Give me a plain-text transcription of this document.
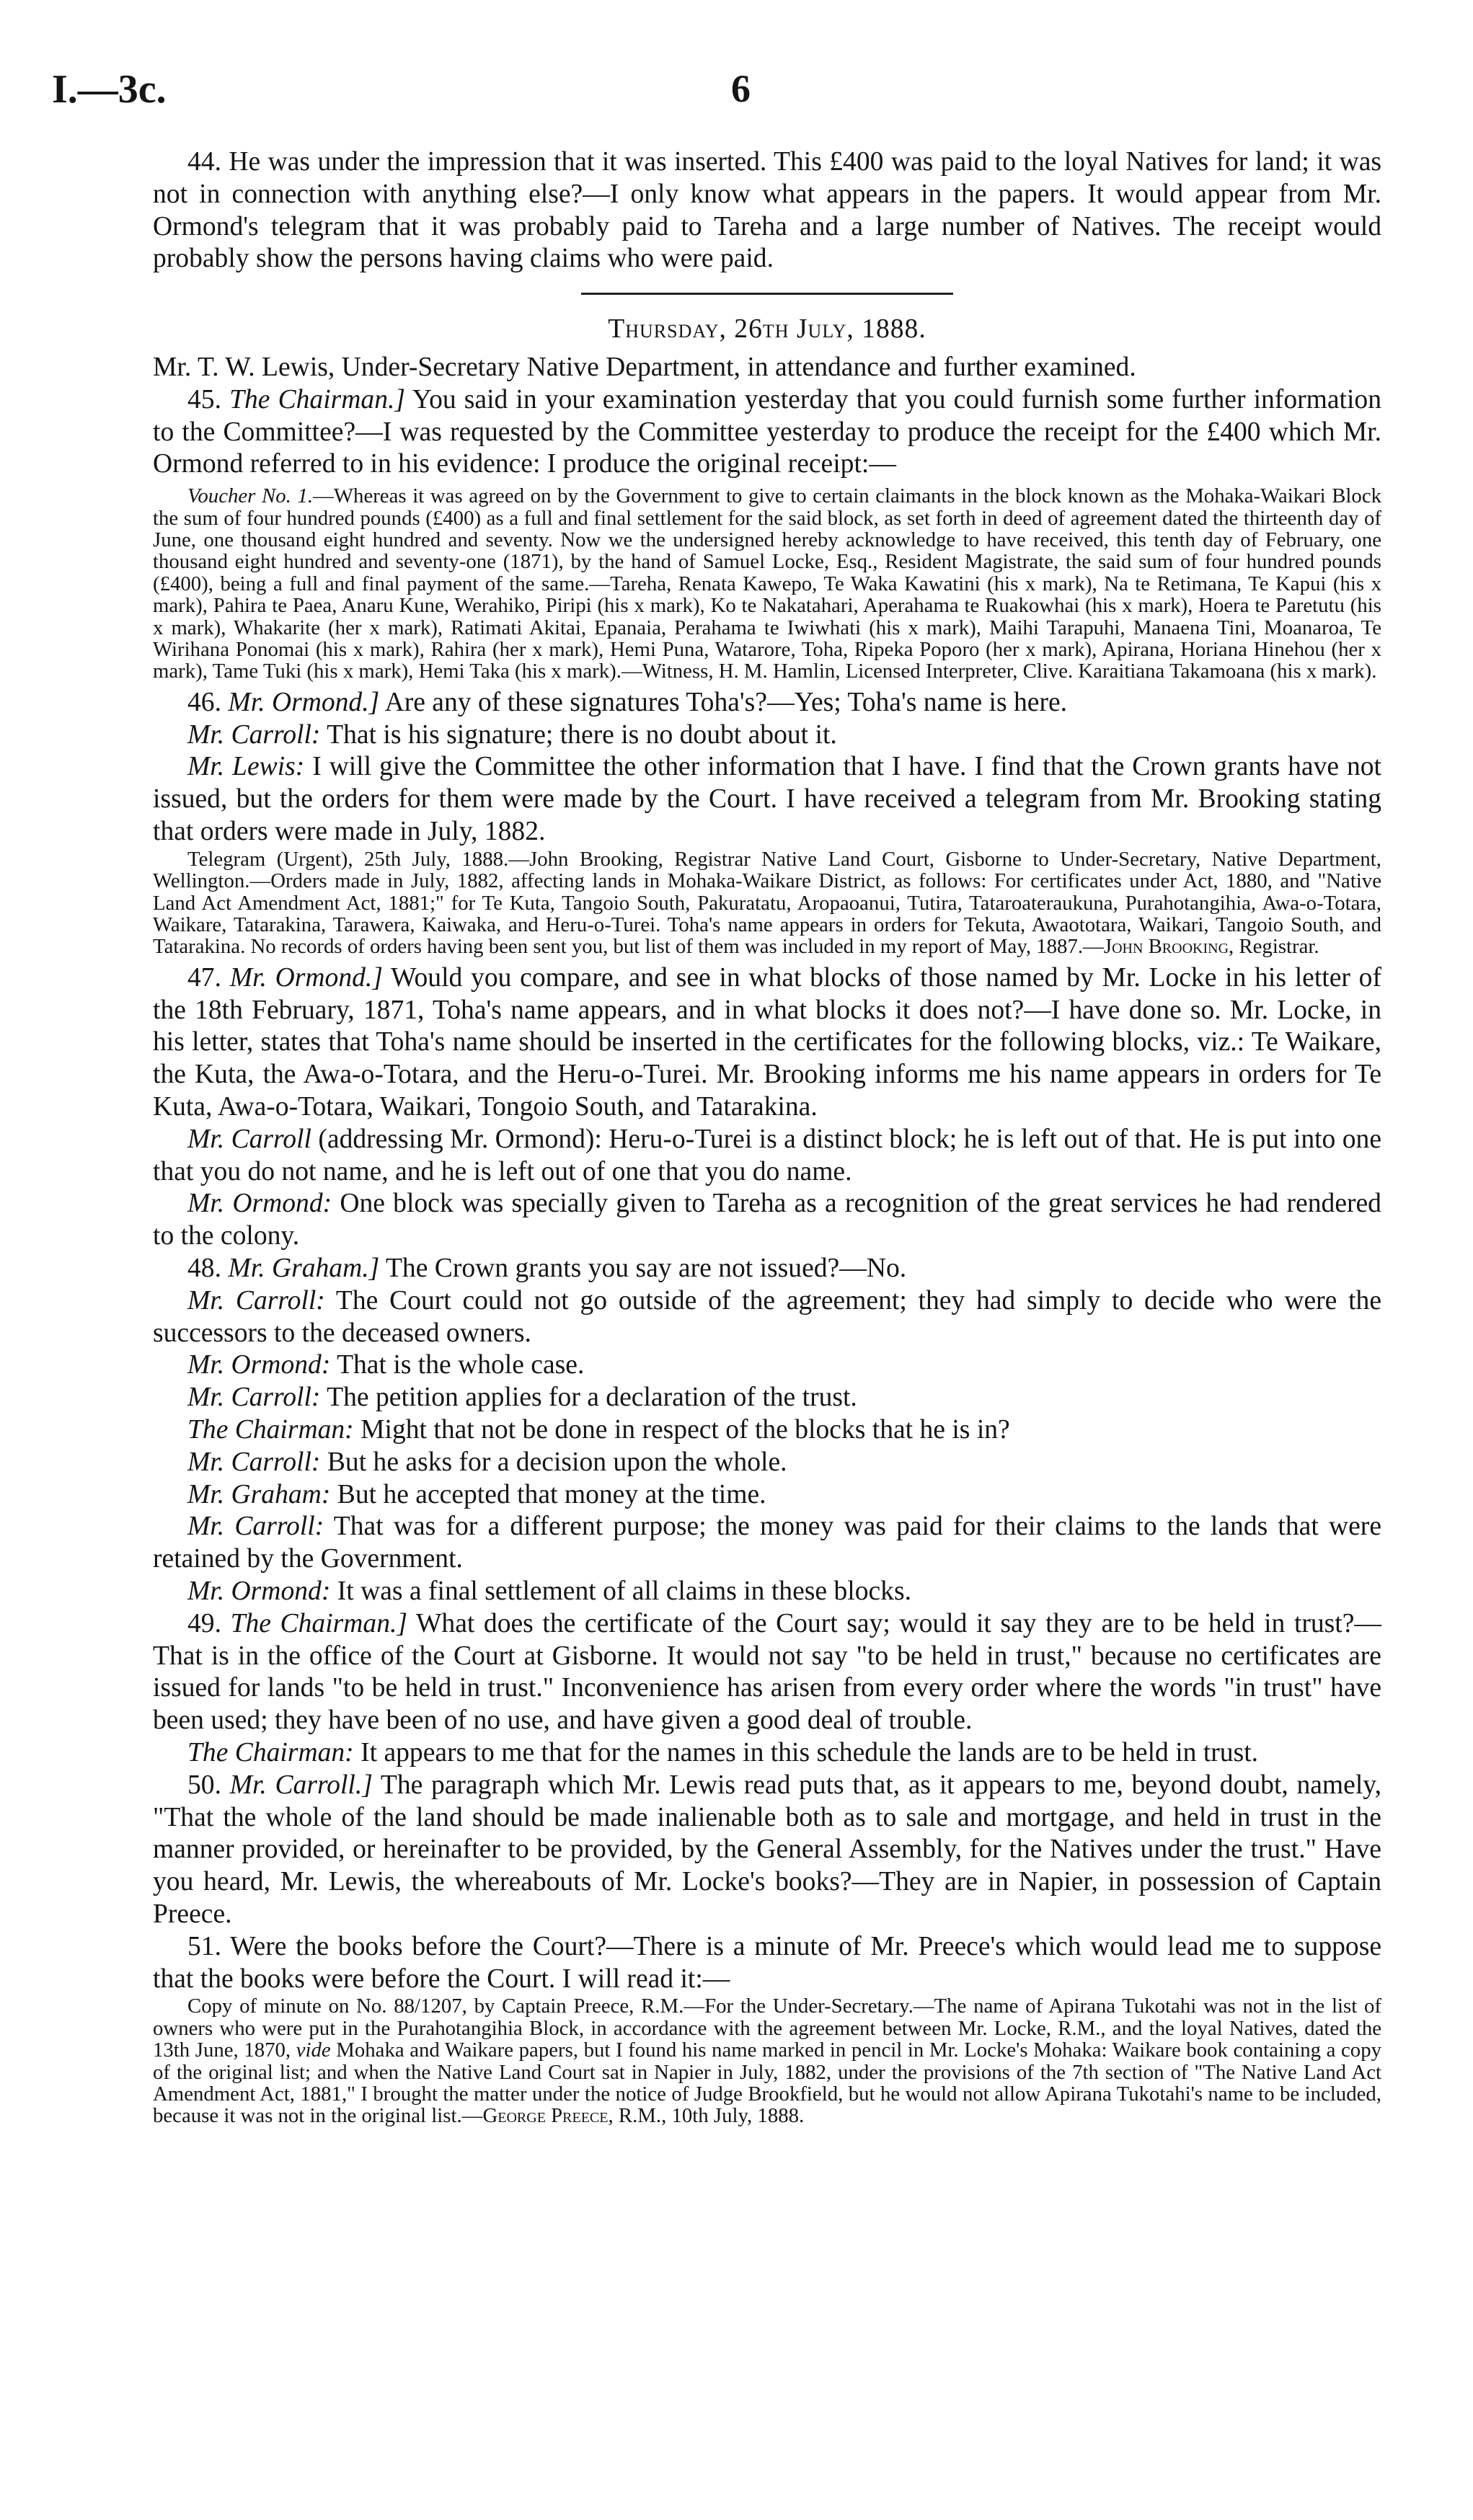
I.—3c.	6

44. He was under the impression that it was inserted. This £400 was paid to the loyal Natives for land; it was not in connection with anything else?—I only know what appears in the papers. It would appear from Mr. Ormond's telegram that it was probably paid to Tareha and a large number of Natives. The receipt would probably show the persons having claims who were paid.

Thursday, 26th July, 1888.

Mr. T. W. Lewis, Under-Secretary Native Department, in attendance and further examined.

45. The Chairman.] You said in your examination yesterday that you could furnish some further information to the Committee?—I was requested by the Committee yesterday to produce the receipt for the £400 which Mr. Ormond referred to in his evidence: I produce the original receipt:—

Voucher No. 1.—Whereas it was agreed on by the Government to give to certain claimants in the block known as the Mohaka-Waikari Block the sum of four hundred pounds (£400) as a full and final settlement for the said block, as set forth in deed of agreement dated the thirteenth day of June, one thousand eight hundred and seventy. Now we the undersigned hereby acknowledge to have received, this tenth day of February, one thousand eight hundred and seventy-one (1871), by the hand of Samuel Locke, Esq., Resident Magistrate, the said sum of four hundred pounds (£400), being a full and final payment of the same.—Tareha, Renata Kawepo, Te Waka Kawatini (his x mark), Na te Retimana, Te Kapui (his x mark), Pahira te Paea, Anaru Kune, Werahiko, Piripi (his x mark), Ko te Nakatahari, Aperahama te Ruakowhai (his x mark), Hoera te Paretutu (his x mark), Whakarite (her x mark), Ratimati Akitai, Epanaia, Perahama te Iwiwhati (his x mark), Maihi Tarapuhi, Manaena Tini, Moanaroa, Te Wirihana Ponomai (his x mark), Rahira (her x mark), Hemi Puna, Watarore, Toha, Ripeka Poporo (her x mark), Apirana, Horiana Hinehou (her x mark), Tame Tuki (his x mark), Hemi Taka (his x mark).—Witness, H. M. Hamlin, Licensed Interpreter, Clive. Karaitiana Takamoana (his x mark).

46. Mr. Ormond.] Are any of these signatures Toha's?—Yes; Toha's name is here.

Mr. Carroll: That is his signature; there is no doubt about it.

Mr. Lewis: I will give the Committee the other information that I have. I find that the Crown grants have not issued, but the orders for them were made by the Court. I have received a telegram from Mr. Brooking stating that orders were made in July, 1882.

Telegram (Urgent), 25th July, 1888.—John Brooking, Registrar Native Land Court, Gisborne to Under-Secretary, Native Department, Wellington.—Orders made in July, 1882, affecting lands in Mohaka-Waikare District, as follows: For certificates under Act, 1880, and "Native Land Act Amendment Act, 1881;" for Te Kuta, Tangoio South, Pakuratatu, Aropaoanui, Tutira, Tataroateraukuna, Purahotangihia, Awa-o-Totara, Waikare, Tatarakina, Tarawera, Kaiwaka, and Heru-o-Turei. Toha's name appears in orders for Tekuta, Awaototara, Waikari, Tangoio South, and Tatarakina. No records of orders having been sent you, but list of them was included in my report of May, 1887.—John Brooking, Registrar.

47. Mr. Ormond.] Would you compare, and see in what blocks of those named by Mr. Locke in his letter of the 18th February, 1871, Toha's name appears, and in what blocks it does not?—I have done so. Mr. Locke, in his letter, states that Toha's name should be inserted in the certificates for the following blocks, viz.: Te Waikare, the Kuta, the Awa-o-Totara, and the Heru-o-Turei. Mr. Brooking informs me his name appears in orders for Te Kuta, Awa-o-Totara, Waikari, Tongoio South, and Tatarakina.

Mr. Carroll (addressing Mr. Ormond): Heru-o-Turei is a distinct block; he is left out of that. He is put into one that you do not name, and he is left out of one that you do name.

Mr. Ormond: One block was specially given to Tareha as a recognition of the great services he had rendered to the colony.

48. Mr. Graham.] The Crown grants you say are not issued?—No.

Mr. Carroll: The Court could not go outside of the agreement; they had simply to decide who were the successors to the deceased owners.

Mr. Ormond: That is the whole case.

Mr. Carroll: The petition applies for a declaration of the trust.

The Chairman: Might that not be done in respect of the blocks that he is in?

Mr. Carroll: But he asks for a decision upon the whole.

Mr. Graham: But he accepted that money at the time.

Mr. Carroll: That was for a different purpose; the money was paid for their claims to the lands that were retained by the Government.

Mr. Ormond: It was a final settlement of all claims in these blocks.

49. The Chairman.] What does the certificate of the Court say; would it say they are to be held in trust?—That is in the office of the Court at Gisborne. It would not say "to be held in trust," because no certificates are issued for lands "to be held in trust." Inconvenience has arisen from every order where the words "in trust" have been used; they have been of no use, and have given a good deal of trouble.

The Chairman: It appears to me that for the names in this schedule the lands are to be held in trust.

50. Mr. Carroll.] The paragraph which Mr. Lewis read puts that, as it appears to me, beyond doubt, namely, "That the whole of the land should be made inalienable both as to sale and mortgage, and held in trust in the manner provided, or hereinafter to be provided, by the General Assembly, for the Natives under the trust." Have you heard, Mr. Lewis, the whereabouts of Mr. Locke's books?—They are in Napier, in possession of Captain Preece.

51. Were the books before the Court?—There is a minute of Mr. Preece's which would lead me to suppose that the books were before the Court. I will read it:—

Copy of minute on No. 88/1207, by Captain Preece, R.M.—For the Under-Secretary.—The name of Apirana Tukotahi was not in the list of owners who were put in the Purahotangihia Block, in accordance with the agreement between Mr. Locke, R.M., and the loyal Natives, dated the 13th June, 1870, vide Mohaka and Waikare papers, but I found his name marked in pencil in Mr. Locke's Mohaka: Waikare book containing a copy of the original list; and when the Native Land Court sat in Napier in July, 1882, under the provisions of the 7th section of "The Native Land Act Amendment Act, 1881," I brought the matter under the notice of Judge Brookfield, but he would not allow Apirana Tukotahi's name to be included, because it was not in the original list.—George Preece, R.M., 10th July, 1888.
